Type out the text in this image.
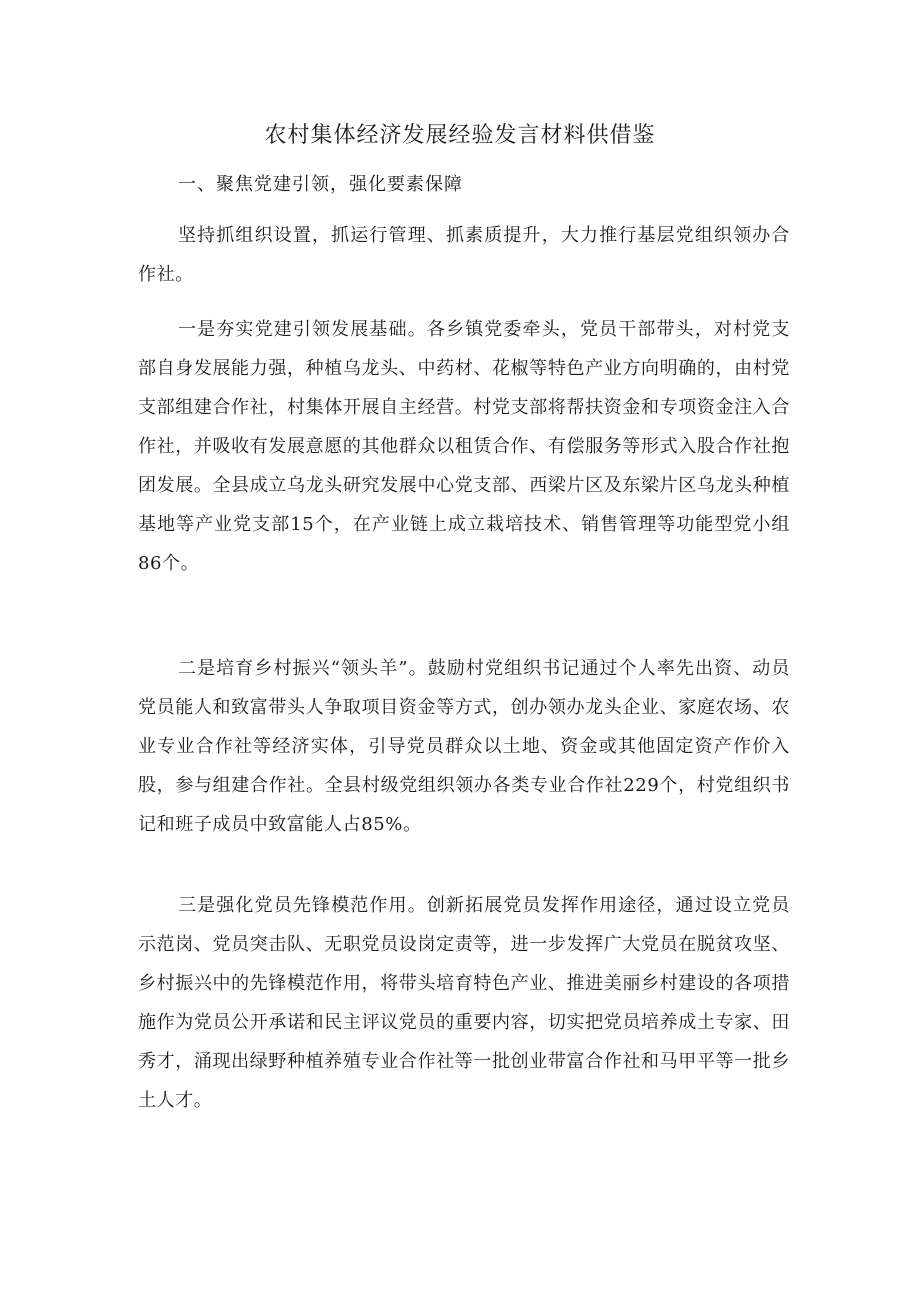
农村集体经济发展经验发言材料供借鉴
一、聚焦党建引领，强化要素保障

坚持抓组织设置，抓运行管理、抓素质提升，大力推行基层党组织领办合作社。

一是夯实党建引领发展基础。各乡镇党委牵头，党员干部带头，对村党支部自身发展能力强，种植乌龙头、中药材、花椒等特色产业方向明确的，由村党支部组建合作社，村集体开展自主经营。村党支部将帮扶资金和专项资金注入合作社，并吸收有发展意愿的其他群众以租赁合作、有偿服务等形式入股合作社抱团发展。全县成立乌龙头研究发展中心党支部、西梁片区及东梁片区乌龙头种植基地等产业党支部15个，在产业链上成立栽培技术、销售管理等功能型党小组86个。

二是培育乡村振兴“领头羊”。鼓励村党组织书记通过个人率先出资、动员党员能人和致富带头人争取项目资金等方式，创办领办龙头企业、家庭农场、农业专业合作社等经济实体，引导党员群众以土地、资金或其他固定资产作价入股，参与组建合作社。全县村级党组织领办各类专业合作社229个，村党组织书记和班子成员中致富能人占85%。

三是强化党员先锋模范作用。创新拓展党员发挥作用途径，通过设立党员示范岗、党员突击队、无职党员设岗定责等，进一步发挥广大党员在脱贫攻坚、乡村振兴中的先锋模范作用，将带头培育特色产业、推进美丽乡村建设的各项措施作为党员公开承诺和民主评议党员的重要内容，切实把党员培养成土专家、田秀才，涌现出绿野种植养殖专业合作社等一批创业带富合作社和马甲平等一批乡土人才。
